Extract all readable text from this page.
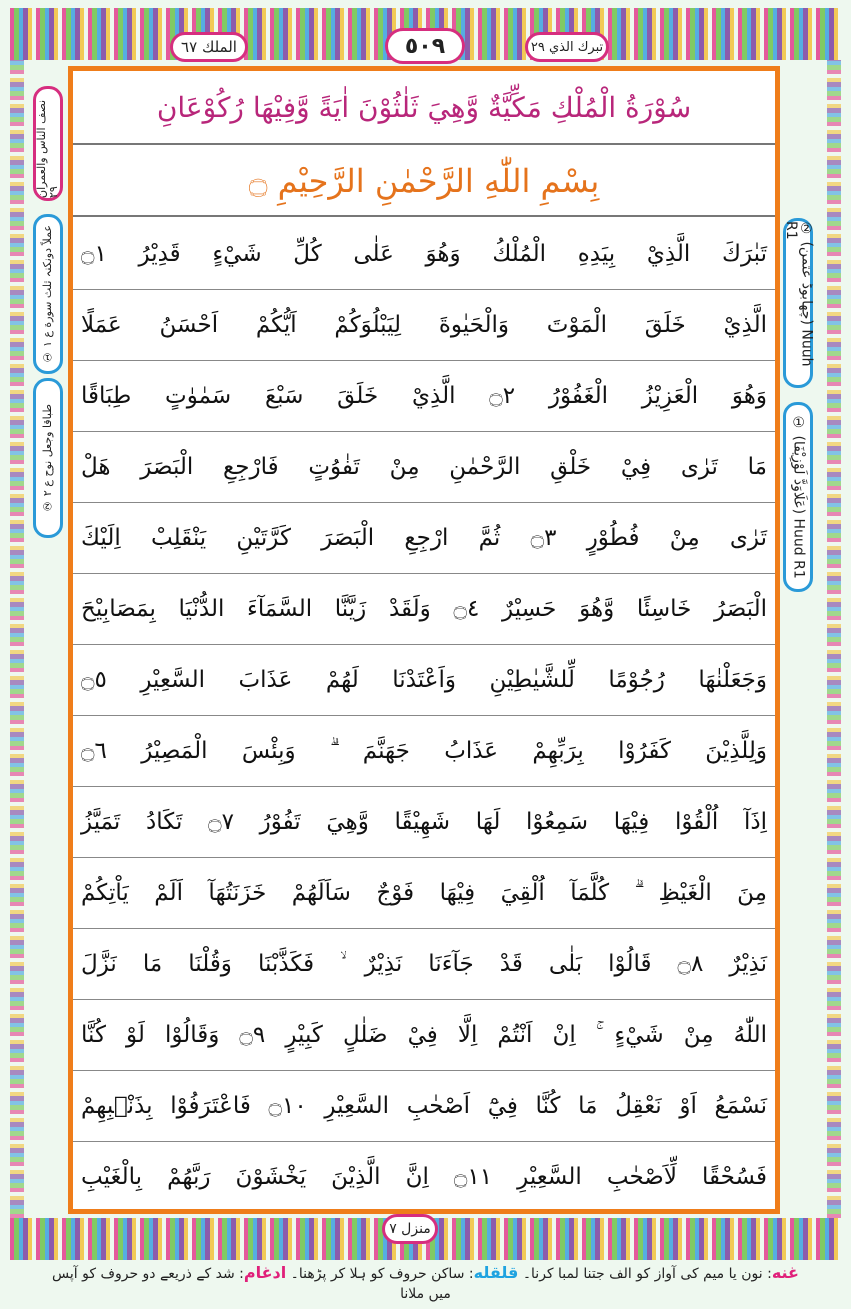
الملك ٦٧	٥٠٩	تبرك الذي ٢٩
سُوْرَةُ الْمُلْكِ مَكِّيَّةٌ وَّهِيَ ثَلٰثُوْنَ اٰيَةً وَّفِيْهَا رُكُوْعَانِ
بِسْمِ اللّٰهِ الرَّحْمٰنِ الرَّحِيْمِ ۝
تَبٰرَكَ الَّذِيْ بِيَدِهِ الْمُلْكُ وَهُوَ عَلٰى كُلِّ شَيْءٍ قَدِيْرُ ۝١
الَّذِيْ خَلَقَ الْمَوْتَ وَالْحَيٰوةَ لِيَبْلُوَكُمْ اَيُّكُمْ اَحْسَنُ عَمَلًا
وَهُوَ الْعَزِيْزُ الْغَفُوْرُ ۝٢ الَّذِيْ خَلَقَ سَبْعَ سَمٰوٰتٍ طِبَاقًا
مَا تَرٰى فِيْ خَلْقِ الرَّحْمٰنِ مِنْ تَفٰوُتٍ فَارْجِعِ الْبَصَرَ هَلْ
تَرٰى مِنْ فُطُوْرٍ ۝٣ ثُمَّ ارْجِعِ الْبَصَرَ كَرَّتَيْنِ يَنْقَلِبْ اِلَيْكَ
الْبَصَرُ خَاسِئًا وَّهُوَ حَسِيْرٌ ۝٤ وَلَقَدْ زَيَّنَّا السَّمَآءَ الدُّنْيَا بِمَصَابِيْحَ
وَجَعَلْنٰهَا رُجُوْمًا لِّلشَّيٰطِيْنِ وَاَعْتَدْنَا لَهُمْ عَذَابَ السَّعِيْرِ ۝٥
وَلِلَّذِيْنَ كَفَرُوْا بِرَبِّهِمْ عَذَابُ جَهَنَّمَ ۗ وَبِئْسَ الْمَصِيْرُ ۝٦
اِذَآ اُلْقُوْا فِيْهَا سَمِعُوْا لَهَا شَهِيْقًا وَّهِيَ تَفُوْرُ ۝٧ تَكَادُ تَمَيَّزُ
مِنَ الْغَيْظِ ۗ كُلَّمَآ اُلْقِيَ فِيْهَا فَوْجٌ سَاَلَهُمْ خَزَنَتُهَآ اَلَمْ يَاْتِكُمْ
نَذِيْرٌ ۝٨ قَالُوْا بَلٰى قَدْ جَآءَنَا نَذِيْرٌ ۙ فَكَذَّبْنَا وَقُلْنَا مَا نَزَّلَ
اللّٰهُ مِنْ شَيْءٍ ۚ اِنْ اَنْتُمْ اِلَّا فِيْ ضَلٰلٍ كَبِيْرٍ ۝٩ وَقَالُوْا لَوْ كُنَّا
نَسْمَعُ اَوْ نَعْقِلُ مَا كُنَّا فِيْٓ اَصْحٰبِ السَّعِيْرِ ۝١٠ فَاعْتَرَفُوْا بِذَنْۢبِهِمْ
فَسُحْقًا لِّاَصْحٰبِ السَّعِيْرِ ۝١١ اِنَّ الَّذِيْنَ يَخْشَوْنَ رَبَّهُمْ بِالْغَيْبِ
② (چھابوڈ عتمن) Nuuh R1
① (عَلَاوَدَّ لَوْزِیْفَا) Huud R1
نصف الناس والعمران ٢٩
① عملاً دونکنہ ثلث سورة ع ١
② طباقا وجعل نوح ع ٢
منزل ٧
غنه: نون یا میم کی آواز کو الف جتنا لمبا کرنا۔ قلقله: ساکن حروف کو ہلا کر پڑھنا۔ ادغام: شد کے ذریعے دو حروف کو آپس میں ملانا
